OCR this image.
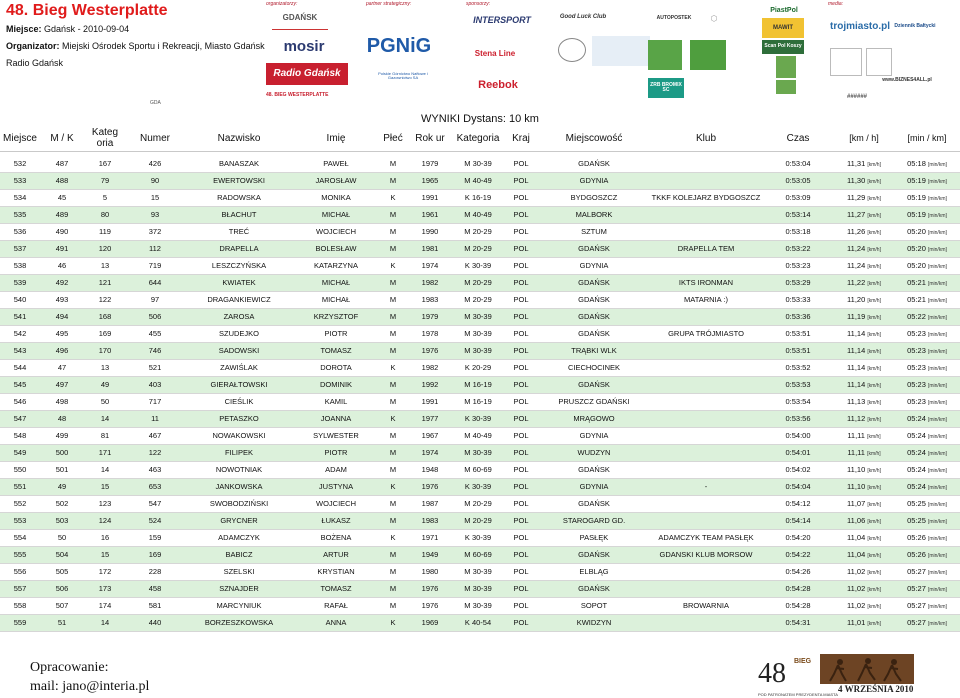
48. Bieg Westerplatte
Miejsce: Gdańsk - 2010-09-04
Organizator: Miejski Ośrodek Sportu i Rekreacji, Miasto Gdańsk
Radio Gdańsk
organizatorzy:	partner strategiczny:	sponsorzy:	media:
GDAŃSK
mosir
Radio Gdańsk
PGNiG
Polskie Górnictwo Naftowe i Gazownictwo SA
INTERSPORT
Stena Line
Reebok
Good Luck Club	AUTOPOSTEK	⬡
ZRB BROMIX SC
PiastPol
MAWIT
Scan Pol Koszy
trojmiasto.pl Dziennik Bałtycki
www.BIZNES4ALL.pl
######
48. BIEG WESTERPLATTE
GDA
WYNIKI Dystans: 10 km
Miejsce	M / K	Kateg oria	Numer	Nazwisko	Imię	Płeć	Rok ur	Kategoria	Kraj	Miejscowość	Klub	Czas	[km / h]	[min / km]

532	487	167	426	BANASZAK	PAWEŁ	M	1979	M 30-39	POL	GDAŃSK		0:53:04	11,31 [km/h]	05:18 [min/km]
533	488	79	90	EWERTOWSKI	JAROSŁAW	M	1965	M 40-49	POL	GDYNIA		0:53:05	11,30 [km/h]	05:19 [min/km]
534	45	5	15	RADOWSKA	MONIKA	K	1991	K 16-19	POL	BYDGOSZCZ	TKKF KOLEJARZ BYDGOSZCZ	0:53:09	11,29 [km/h]	05:19 [min/km]
535	489	80	93	BŁACHUT	MICHAŁ	M	1961	M 40-49	POL	MALBORK		0:53:14	11,27 [km/h]	05:19 [min/km]
536	490	119	372	TREĆ	WOJCIECH	M	1990	M 20-29	POL	SZTUM		0:53:18	11,26 [km/h]	05:20 [min/km]
537	491	120	112	DRAPELLA	BOLESŁAW	M	1981	M 20-29	POL	GDAŃSK	DRAPELLA TEM	0:53:22	11,24 [km/h]	05:20 [min/km]
538	46	13	719	LESZCZYŃSKA	KATARZYNA	K	1974	K 30-39	POL	GDYNIA		0:53:23	11,24 [km/h]	05:20 [min/km]
539	492	121	644	KWIATEK	MICHAŁ	M	1982	M 20-29	POL	GDAŃSK	IKTS IRONMAN	0:53:29	11,22 [km/h]	05:21 [min/km]
540	493	122	97	DRAGANKIEWICZ	MICHAŁ	M	1983	M 20-29	POL	GDAŃSK	MATARNIA :)	0:53:33	11,20 [km/h]	05:21 [min/km]
541	494	168	506	ZAROSA	KRZYSZTOF	M	1979	M 30-39	POL	GDAŃSK		0:53:36	11,19 [km/h]	05:22 [min/km]
542	495	169	455	SZUDEJKO	PIOTR	M	1978	M 30-39	POL	GDAŃSK	GRUPA TRÓJMIASTO	0:53:51	11,14 [km/h]	05:23 [min/km]
543	496	170	746	SADOWSKI	TOMASZ	M	1976	M 30-39	POL	TRĄBKI WLK		0:53:51	11,14 [km/h]	05:23 [min/km]
544	47	13	521	ZAWIŚLAK	DOROTA	K	1982	K 20-29	POL	CIECHOCINEK		0:53:52	11,14 [km/h]	05:23 [min/km]
545	497	49	403	GIERAŁTOWSKI	DOMINIK	M	1992	M 16-19	POL	GDAŃSK		0:53:53	11,14 [km/h]	05:23 [min/km]
546	498	50	717	CIEŚLIK	KAMIL	M	1991	M 16-19	POL	PRUSZCZ GDAŃSKI		0:53:54	11,13 [km/h]	05:23 [min/km]
547	48	14	11	PETASZKO	JOANNA	K	1977	K 30-39	POL	MRĄGOWO		0:53:56	11,12 [km/h]	05:24 [min/km]
548	499	81	467	NOWAKOWSKI	SYLWESTER	M	1967	M 40-49	POL	GDYNIA		0:54:00	11,11 [km/h]	05:24 [min/km]
549	500	171	122	FILIPEK	PIOTR	M	1974	M 30-39	POL	WUDZYN		0:54:01	11,11 [km/h]	05:24 [min/km]
550	501	14	463	NOWOTNIAK	ADAM	M	1948	M 60-69	POL	GDAŃSK		0:54:02	11,10 [km/h]	05:24 [min/km]
551	49	15	653	JANKOWSKA	JUSTYNA	K	1976	K 30-39	POL	GDYNIA	-	0:54:04	11,10 [km/h]	05:24 [min/km]
552	502	123	547	SWOBODZIŃSKI	WOJCIECH	M	1987	M 20-29	POL	GDAŃSK		0:54:12	11,07 [km/h]	05:25 [min/km]
553	503	124	524	GRYCNER	ŁUKASZ	M	1983	M 20-29	POL	STAROGARD GD.		0:54:14	11,06 [km/h]	05:25 [min/km]
554	50	16	159	ADAMCZYK	BOŻENA	K	1971	K 30-39	POL	PASŁĘK	ADAMCZYK TEAM PASŁĘK	0:54:20	11,04 [km/h]	05:26 [min/km]
555	504	15	169	BABICZ	ARTUR	M	1949	M 60-69	POL	GDAŃSK	GDANSKI KLUB MORSOW	0:54:22	11,04 [km/h]	05:26 [min/km]
556	505	172	228	SZELSKI	KRYSTIAN	M	1980	M 30-39	POL	ELBLĄG		0:54:26	11,02 [km/h]	05:27 [min/km]
557	506	173	458	SZNAJDER	TOMASZ	M	1976	M 30-39	POL	GDAŃSK		0:54:28	11,02 [km/h]	05:27 [min/km]
558	507	174	581	MARCYNIUK	RAFAŁ	M	1976	M 30-39	POL	SOPOT	BROWARNIA	0:54:28	11,02 [km/h]	05:27 [min/km]
559	51	14	440	BORZESZKOWSKA	ANNA	K	1969	K 40-54	POL	KWIDZYN		0:54:31	11,01 [km/h]	05:27 [min/km]
Opracowanie:
mail: jano@interia.pl	48	BIEG
4 WRZEŚNIA 2010
POD PATRONATEM PREZYDENTA MIASTA
